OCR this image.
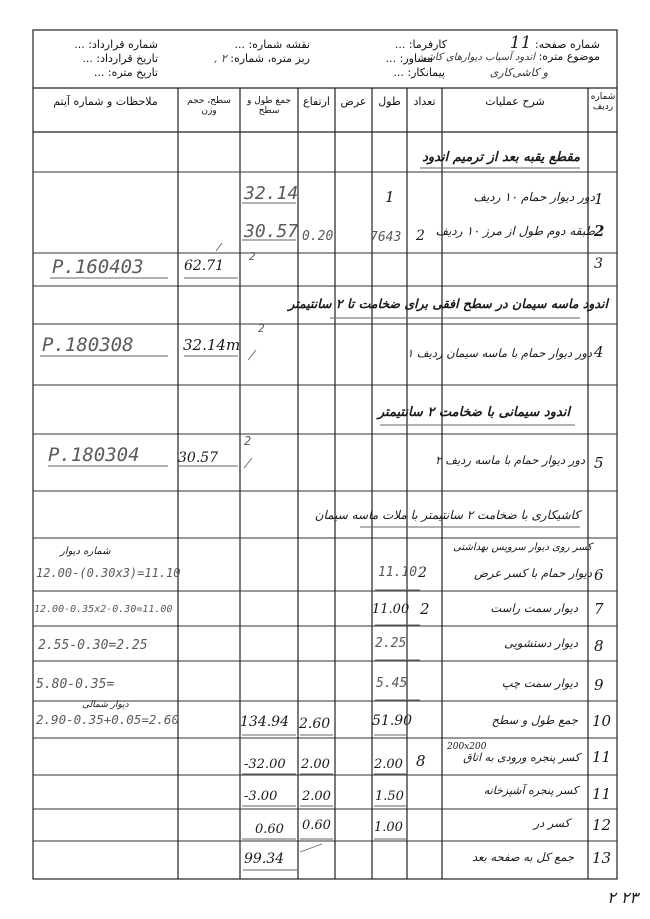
شماره صفحه: 11
موضوع متره: اندود آسیاب دیوارهای کاشی
و کاشی‌کاری
کارفرما: ...
مشاور: ...
پیمانکار: ...
نقشه شماره: ...
ریز متره، شماره: ۲ ,
شماره قرارداد: ...
تاریخ قرارداد: ...
تاریخ متره: ...
شماره ردیف
شرح عملیات
تعداد
طول
عرض
ارتفاع
جمع طول و سطح
سطح، حجم وزن
ملاحظات و شماره آیتم
مقطع یقبه بعد از ترمیم اندود
اندود ماسه سیمان در سطح افقی برای ضخامت تا ۲ سانتیمتر
اندود سیمانی با ضخامت ۲ سانتیمتر
کاشیکاری با ضخامت ۲ سانتیمتر با ملات ماسه سیمان
1
دور دیوار حمام ۱۰ ردیف
1
32.14
2
طبقه دوم طول از مرز ۱۰ ردیف
2
7643
0.20
30.57
3
2
62.71
P.160403
4
دور دیوار حمام با ماسه سیمان ردیف ۱
2
32.14m
P.180308
5
دور دیوار حمام با ماسه ردیف ۲
2
30.57
P.180304
کسر روی دیوار سرویس بهداشتی
6
دیوار حمام با کسر عرض
2
11.10
شماره دیوار
12.00-(0.30x3)=11.10
7
دیوار سمت راست
2
11.00
12.00-0.35x2-0.30=11.00
8
دیوار دستشویی
2.25
2.55-0.30=2.25
9
دیوار سمت چپ
5.45
5.80-0.35=
10
جمع طول و سطح
51.90
2.60
134.94
دیوار شمالی
2.90-0.35+0.05=2.60
200x200
11
کسر پنجره ورودی به اتاق
8
2.00
2.00
-32.00
11
کسر پنجره آشپزخانه
1.50
2.00
-3.00
12
کسر در
1.00
0.60
0.60
13
جمع کل به صفحه بعد
99.34
۲۳ ۲
